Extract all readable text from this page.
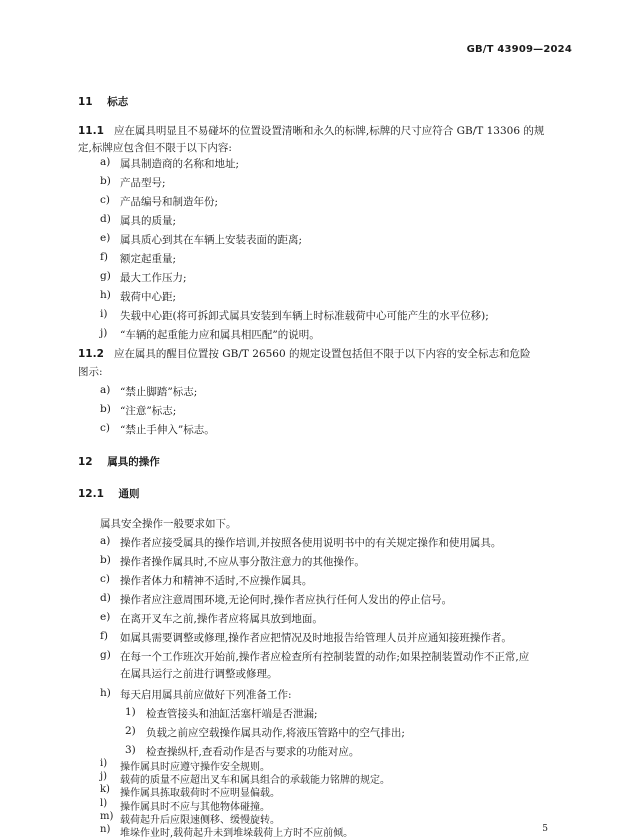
GB/T 43909—2024
11 标志
11.1 应在属具明显且不易碰坏的位置设置清晰和永久的标牌,标牌的尺寸应符合 GB/T 13306 的规
定,标牌应包含但不限于以下内容:
a) 属具制造商的名称和地址;
b) 产品型号;
c) 产品编号和制造年份;
d) 属具的质量;
e) 属具质心到其在车辆上安装表面的距离;
f) 额定起重量;
g) 最大工作压力;
h) 载荷中心距;
i) 失载中心距(将可拆卸式属具安装到车辆上时标准载荷中心可能产生的水平位移);
j) “车辆的起重能力应和属具相匹配”的说明。
11.2 应在属具的醒目位置按 GB/T 26560 的规定设置包括但不限于以下内容的安全标志和危险
图示:
a) “禁止脚踏”标志;
b) “注意”标志;
c) “禁止手伸入”标志。
12 属具的操作
12.1 通则
属具安全操作一般要求如下。
a) 操作者应接受属具的操作培训,并按照各使用说明书中的有关规定操作和使用属具。
b) 操作者操作属具时,不应从事分散注意力的其他操作。
c) 操作者体力和精神不适时,不应操作属具。
d) 操作者应注意周围环境,无论何时,操作者应执行任何人发出的停止信号。
e) 在离开叉车之前,操作者应将属具放到地面。
f) 如属具需要调整或修理,操作者应把情况及时地报告给管理人员并应通知接班操作者。
g) 在每一个工作班次开始前,操作者应检查所有控制装置的动作;如果控制装置动作不正常,应
在属具运行之前进行调整或修理。
h) 每天启用属具前应做好下列准备工作:
1) 检查管接头和油缸活塞杆端是否泄漏;
2) 负载之前应空载操作属具动作,将液压管路中的空气排出;
3) 检查操纵杆,查看动作是否与要求的功能对应。
i) 操作属具时应遵守操作安全规则。
j) 载荷的质量不应超出叉车和属具组合的承载能力铭牌的规定。
k) 操作属具拣取载荷时不应明显偏载。
l) 操作属具时不应与其他物体碰撞。
m) 载荷起升后应限速侧移、缓慢旋转。
n) 堆垛作业时,载荷起升未到堆垛载荷上方时不应前倾。	5
